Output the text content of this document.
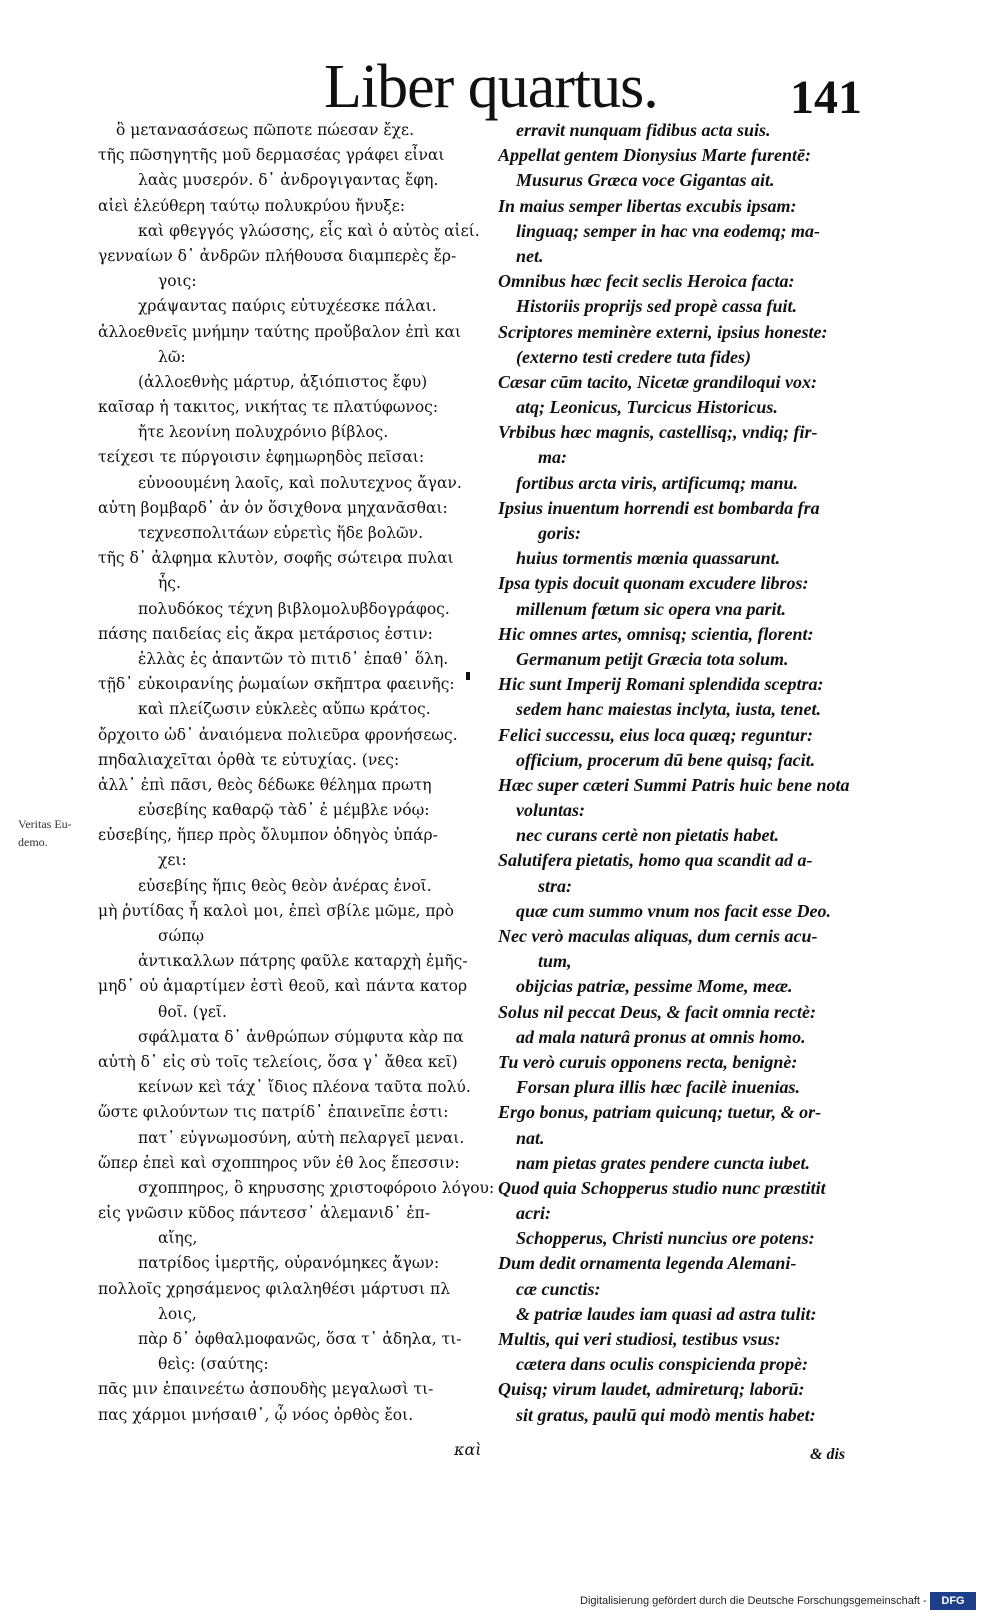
Liber quartus.	141
Veritas Eu-
demo.
ὃ μετανασάσεως πῶποτε πώεσαν ἔχε.
τῆς πῶσηγητῆς μοῦ δερμασέας γράφει εἶναι
λαὰς μυσερóν. δ᾿ ἀνδρογιγαντας ἔφη.
αἰεὶ ἐλεύθερη ταύτῳ πολυκρύου ἤνυξε:
καὶ φθεγγóς γλώσσης, εἷς καὶ ὁ αὐτὸς αἰεί.
γενναίων δ᾿ ἀνδρῶν πλήθουσα διαμπερὲς ἔρ-
γοις:
χράψαντας παύρις εὐτυχέεσκε πάλαι.
ἀλλοεθνεῖς μνήμην ταύτης προὔβαλον ἐπὶ και
λῶ:
(ἀλλοεθνὴς μάρτυρ, ἀξιόπιστος ἔφυ)
καῖσαρ ἡ τακιτος, νικήτας τε πλατύφωνος:
ἤτε λεονίνη πολυχρόνιο βίβλος.
τείχεσι τε πύργοισιν ἐφημωρηδὸς πεῖσαι:
εὐνοουμένη λαοῖς, καὶ πολυτεχνος ἄγαν.
αὐτη βομβαρδ᾿ ἀν ὁν ὅσιχθονα μηχανᾶσθαι:
τεχνεσπολιτάων εὑρετὶς ἥδε βολῶν.
τῆς δ᾿ ἀλφημα κλυτὸν, σοφῆς σώτειρα πυλαι
ἧς.
πολυδόκος τέχνη βιβλομολυβδογράφος.
πάσης παιδείας εἰς ἄκρα μετάρσιος ἐστιν:
ἑλλὰς ἐς ἀπαντῶν τὸ πιτιδ᾿ ἐπαθ᾿ ὅλη.
τῇδ᾿ εὐκοιρανίης ῥωμαίων σκῆπτρα φαεινῆς:
καὶ πλείζωσιν εὐκλεὲς αὔπω κράτος.
ὄρχοιτο ὠδ᾿ ἀναιόμενα πολιεῦρα φρονήσεως.
πηδαλιαχεῖται ὀρθὰ τε εὐτυχίας. (νες:
ἀλλ᾿ ἐπὶ πᾶσι, θεὸς δέδωκε θέλημα πρωτη
εὐσεβίης καθαρῷ τὰδ᾿ ἐ μέμβλε νόῳ:
εὐσεβίης, ἥπερ πρὸς ὄλυμπον ὁδηγὸς ὑπάρ-
χει:
εὐσεβίης ἥπις θεὸς θεὸν ἀνέρας ἑνοῖ.
μὴ ῥυτίδας ἦ καλοὶ μοι, ἐπεὶ σβίλε μῶμε, πρὸ
σώπῳ
ἀντικαλλων πάτρης φαῦλε καταρχὴ ἐμῆς-
μηδ᾿ οὐ ἁμαρτίμεν ἐστὶ θεοῦ, καὶ πάντα κατορ
θοῖ. (γεῖ.
σφάλματα δ᾿ ἀνθρώπων σύμφυτα κὰρ πα
αὐτὴ δ᾿ εἰς σὺ τοῖς τελείοις, ὅσα γ᾿ ἄθεα κεῖ)
κείνων κεὶ τάχ᾿ ἴδιος πλέονα ταῦτα πολύ.
ὥστε φιλούντων τις πατρίδ᾿ ἐπαινεῖπε ἐστι:
πατ᾿ εὐγνωμοσύνη, αὐτὴ πελαργεῖ μεναι.
ὥπερ ἐπεὶ καὶ σχοππηρος νῦν ἐθ λος ἔπεσσιν:
σχοππηρος, ὃ κηρυσσης χριστοφόροιο λόγου:
εἰς γνῶσιν κῦδος πάντεσσ᾿ ἀλεμανιδ᾿ ἐπ-
αἴης,
πατρίδος ἱμερτῆς, οὐρανόμηκες ἄγων:
πολλοῖς χρησάμενος φιλαληθέσι μάρτυσι πλ
λοις,
πὰρ δ᾿ ὀφθαλμοφανῶς, ὅσα τ᾿ ἀδηλα, τι-
θεὶς: (σαύτης:
πᾶς μιν ἐπαινεέτω ἀσπουδὴς μεγαλωσὶ τι-
πας χάρμοι μνήσαιθ᾿, ᾧ νόος ὀρθὸς ἔοι.
erravit nunquam fidibus acta suis.
Appellat gentem Dionysius Marte furentē:
Musurus Græca voce Gigantas ait.
In maius semper libertas excubis ipsam:
linguaq; semper in hac vna eodemq; ma-
net.
Omnibus hæc fecit seclis Heroica facta:
Historiis proprijs sed propè cassa fuit.
Scriptores meminère externi, ipsius honeste:
(externo testi credere tuta fides)
Cæsar cūm tacito, Nicetæ grandiloqui vox:
atq; Leonicus, Turcicus Historicus.
Vrbibus hæc magnis, castellisq;, vndiq; fir-
ma:
fortibus arcta viris, artificumq; manu.
Ipsius inuentum horrendi est bombarda fra
goris:
huius tormentis mœnia quassarunt.
Ipsa typis docuit quonam excudere libros:
millenum fœtum sic opera vna parit.
Hic omnes artes, omnisq; scientia, florent:
Germanum petijt Græcia tota solum.
Hic sunt Imperij Romani splendida sceptra:
sedem hanc maiestas inclyta, iusta, tenet.
Felici successu, eius loca quæq; reguntur:
officium, procerum dū bene quisq; facit.
Hæc super cæteri Summi Patris huic bene nota
voluntas:
nec curans certè non pietatis habet.
Salutifera pietatis, homo qua scandit ad a-
stra:
quæ cum summo vnum nos facit esse Deo.
Nec verò maculas aliquas, dum cernis acu-
tum,
obijcias patriæ, pessime Mome, meæ.
Solus nil peccat Deus, & facit omnia rectè:
ad mala naturâ pronus at omnis homo.
Tu verò curuis opponens recta, benignè:
Forsan plura illis hæc facilè inuenias.
Ergo bonus, patriam quicunq; tuetur, & or-
nat.
nam pietas grates pendere cuncta iubet.
Quod quia Schopperus studio nunc præstitit
acri:
Schopperus, Christi nuncius ore potens:
Dum dedit ornamenta legenda Alemani-
cæ cunctis:
& patriæ laudes iam quasi ad astra tulit:
Multis, qui veri studiosi, testibus vsus:
cætera dans oculis conspicienda propè:
Quisq; virum laudet, admireturq; laborū:
sit gratus, paulū qui modò mentis habet:
καὶ	& dis
Digitalisierung gefördert durch die Deutsche Forschungsgemeinschaft -	DFG
